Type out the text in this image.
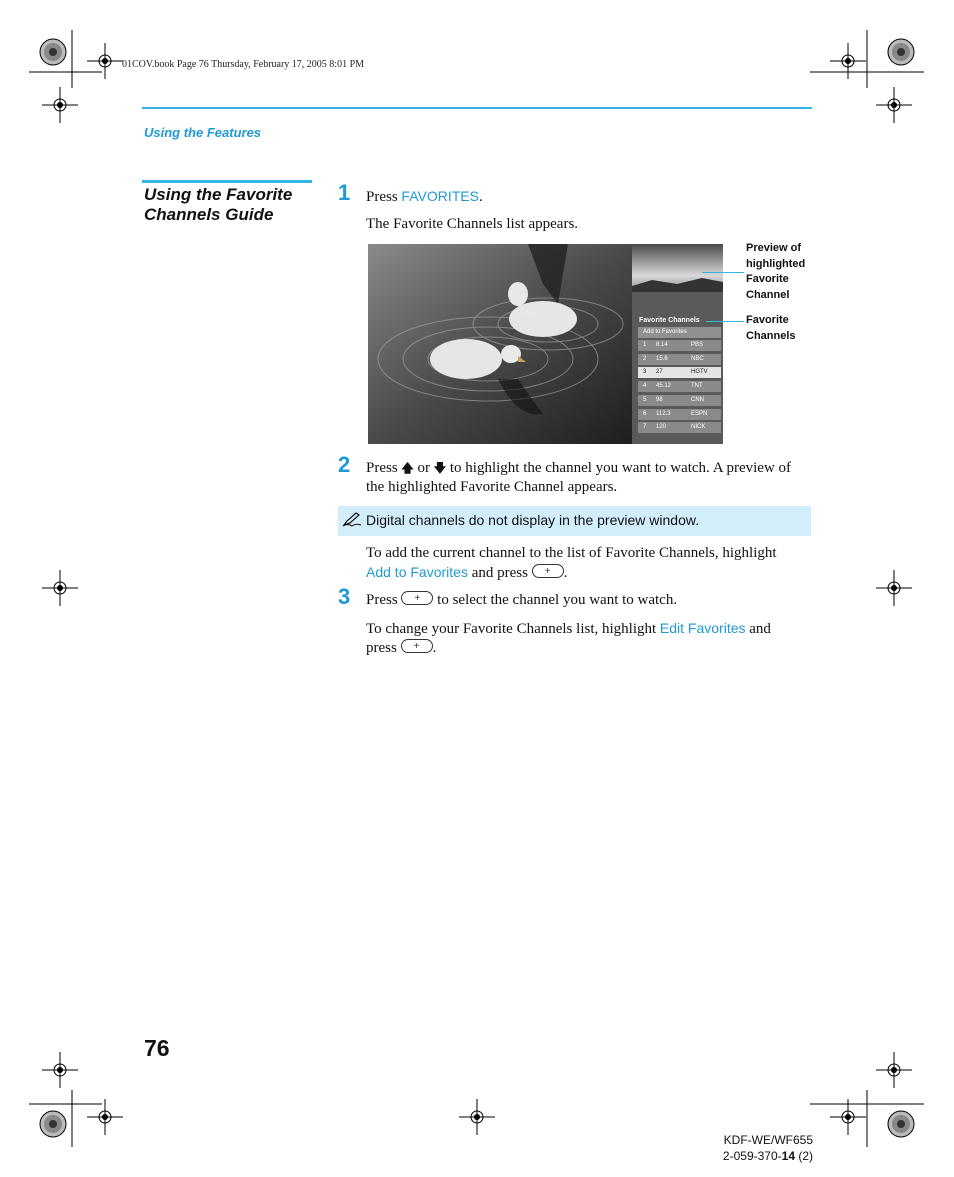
01COV.book Page 76 Thursday, February 17, 2005 8:01 PM
Using the Features
Using the Favorite Channels Guide
1 Press FAVORITES.
The Favorite Channels list appears.
Favorite Channels
Add to Favorites
1 8.14	PBS
2 15.6	NBC
3 27	HGTV
4 45.12	TNT
5 98	CNN
6 112.3	ESPN
7 120	NICK
Preview of
highlighted
Favorite
Channel
Favorite
Channels
2 Press 🡅 or 🡇 to highlight the channel you want to watch. A preview of
the highlighted Favorite Channel appears.
Digital channels do not display in the preview window.
To add the current channel to the list of Favorite Channels, highlight
Add to Favorites and press +.
3 Press + to select the channel you want to watch.
To change your Favorite Channels list, highlight Edit Favorites and
press +.
76
KDF-WE/WF655
2-059-370-14 (2)
